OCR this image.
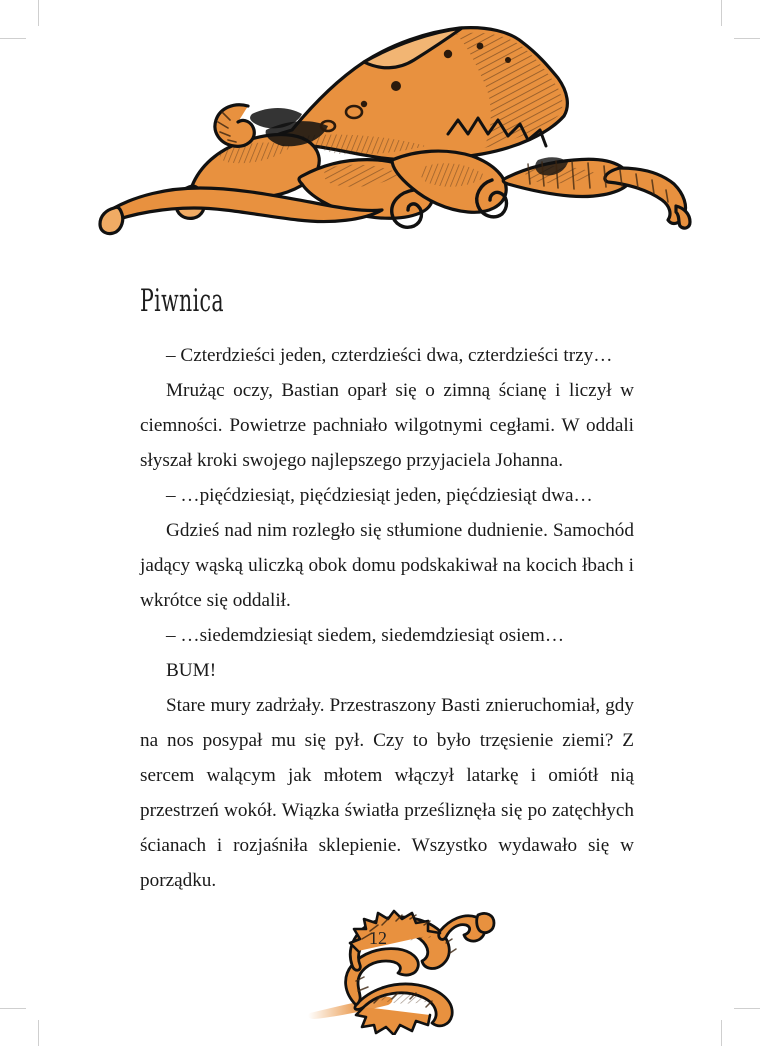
Piwnica

– Czterdzieści jeden, czterdzieści dwa, czterdzieści trzy…

Mrużąc oczy, Bastian oparł się o zimną ścianę i liczył w ciemności. Powietrze pachniało wilgotnymi cegłami. W oddali słyszał kroki swojego najlepszego przyjaciela Johanna.

– …pięćdziesiąt, pięćdziesiąt jeden, pięćdziesiąt dwa…

Gdzieś nad nim rozległo się stłumione dudnienie. Samochód jadący wąską uliczką obok domu podskakiwał na kocich łbach i wkrótce się oddalił.

– …siedemdziesiąt siedem, siedemdziesiąt osiem…

BUM!

Stare mury zadrżały. Przestraszony Basti znieruchomiał, gdy na nos posypał mu się pył. Czy to było trzęsienie ziemi? Z sercem walącym jak młotem włączył latarkę i omiótł nią przestrzeń wokół. Wiązka światła prześliznęła się po zatęchłych ścianach i rozjaśniła sklepienie. Wszystko wydawało się w porządku.

12
